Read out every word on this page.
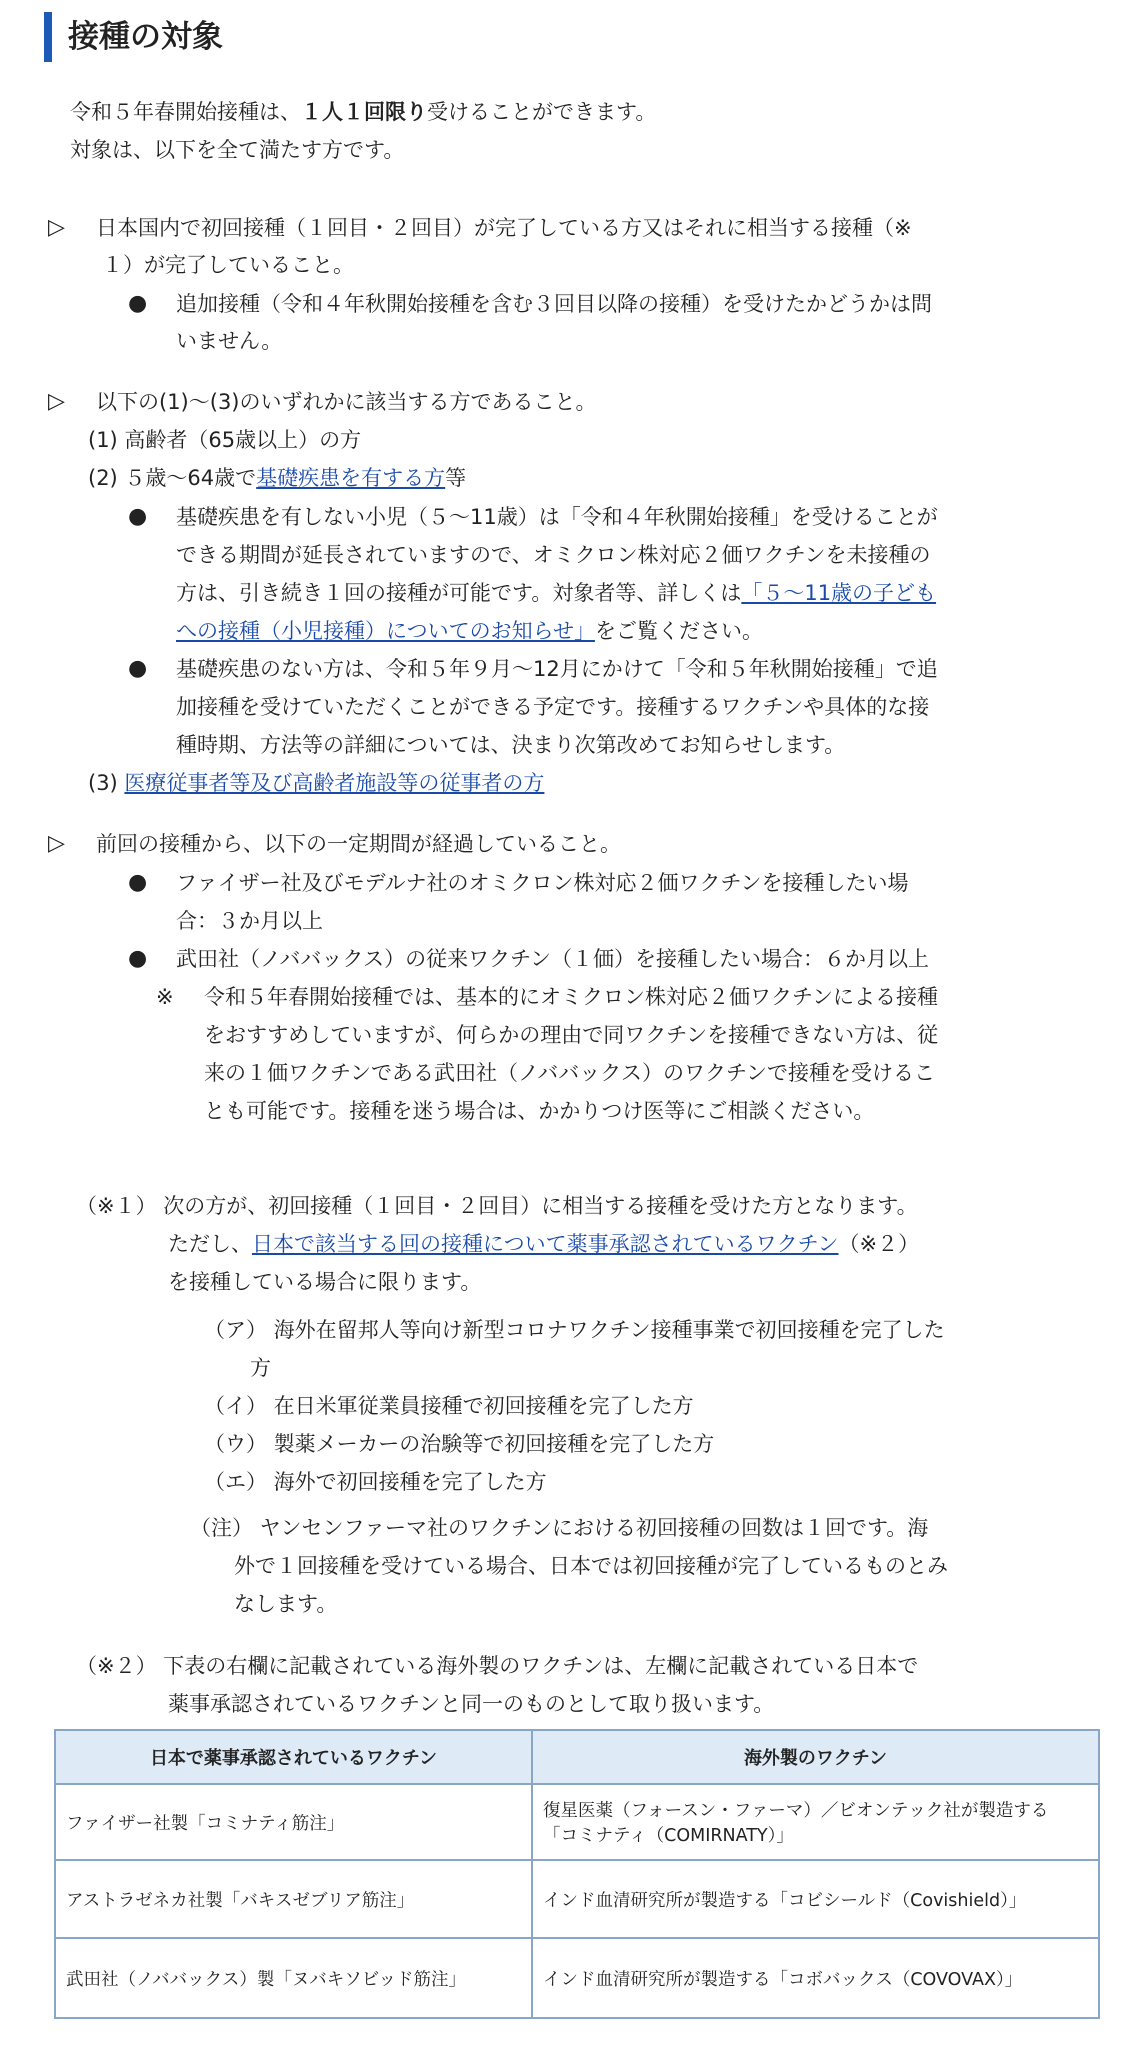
接種の対象
令和５年春開始接種は、１人１回限り受けることができます。
対象は、以下を全て満たす方です。
▷ 日本国内で初回接種（１回目・２回目）が完了している方又はそれに相当する接種（※
１）が完了していること。
● 追加接種（令和４年秋開始接種を含む３回目以降の接種）を受けたかどうかは問
いません。
▷ 以下の(1)～(3)のいずれかに該当する方であること。
(1) 高齢者（65歳以上）の方
(2) ５歳～64歳で基礎疾患を有する方等
● 基礎疾患を有しない小児（５～11歳）は「令和４年秋開始接種」を受けることが
できる期間が延長されていますので、オミクロン株対応２価ワクチンを未接種の
方は、引き続き１回の接種が可能です。対象者等、詳しくは「５～11歳の子ども
への接種（小児接種）についてのお知らせ」をご覧ください。
● 基礎疾患のない方は、令和５年９月～12月にかけて「令和５年秋開始接種」で追
加接種を受けていただくことができる予定です。接種するワクチンや具体的な接
種時期、方法等の詳細については、決まり次第改めてお知らせします。
(3) 医療従事者等及び高齢者施設等の従事者の方
▷ 前回の接種から、以下の一定期間が経過していること。
● ファイザー社及びモデルナ社のオミクロン株対応２価ワクチンを接種したい場
合：３か月以上
● 武田社（ノババックス）の従来ワクチン（１価）を接種したい場合：６か月以上
※ 令和５年春開始接種では、基本的にオミクロン株対応２価ワクチンによる接種
をおすすめしていますが、何らかの理由で同ワクチンを接種できない方は、従
来の１価ワクチンである武田社（ノババックス）のワクチンで接種を受けるこ
とも可能です。接種を迷う場合は、かかりつけ医等にご相談ください。
（※１） 次の方が、初回接種（１回目・２回目）に相当する接種を受けた方となります。
ただし、日本で該当する回の接種について薬事承認されているワクチン（※２）
を接種している場合に限ります。
（ア） 海外在留邦人等向け新型コロナワクチン接種事業で初回接種を完了した
方
（イ） 在日米軍従業員接種で初回接種を完了した方
（ウ） 製薬メーカーの治験等で初回接種を完了した方
（エ） 海外で初回接種を完了した方
（注） ヤンセンファーマ社のワクチンにおける初回接種の回数は１回です。海
外で１回接種を受けている場合、日本では初回接種が完了しているものとみ
なします。
（※２） 下表の右欄に記載されている海外製のワクチンは、左欄に記載されている日本で
薬事承認されているワクチンと同一のものとして取り扱います。
日本で薬事承認されているワクチン	海外製のワクチン
ファイザー社製「コミナティ筋注」	復星医薬（フォースン・ファーマ）／ビオンテック社が製造する
「コミナティ（COMIRNATY）」

アストラゼネカ社製「バキスゼブリア筋注」	インド血清研究所が製造する「コビシールド（Covishield）」
武田社（ノババックス）製「ヌバキソビッド筋注」	インド血清研究所が製造する「コボバックス（COVOVAX）」
